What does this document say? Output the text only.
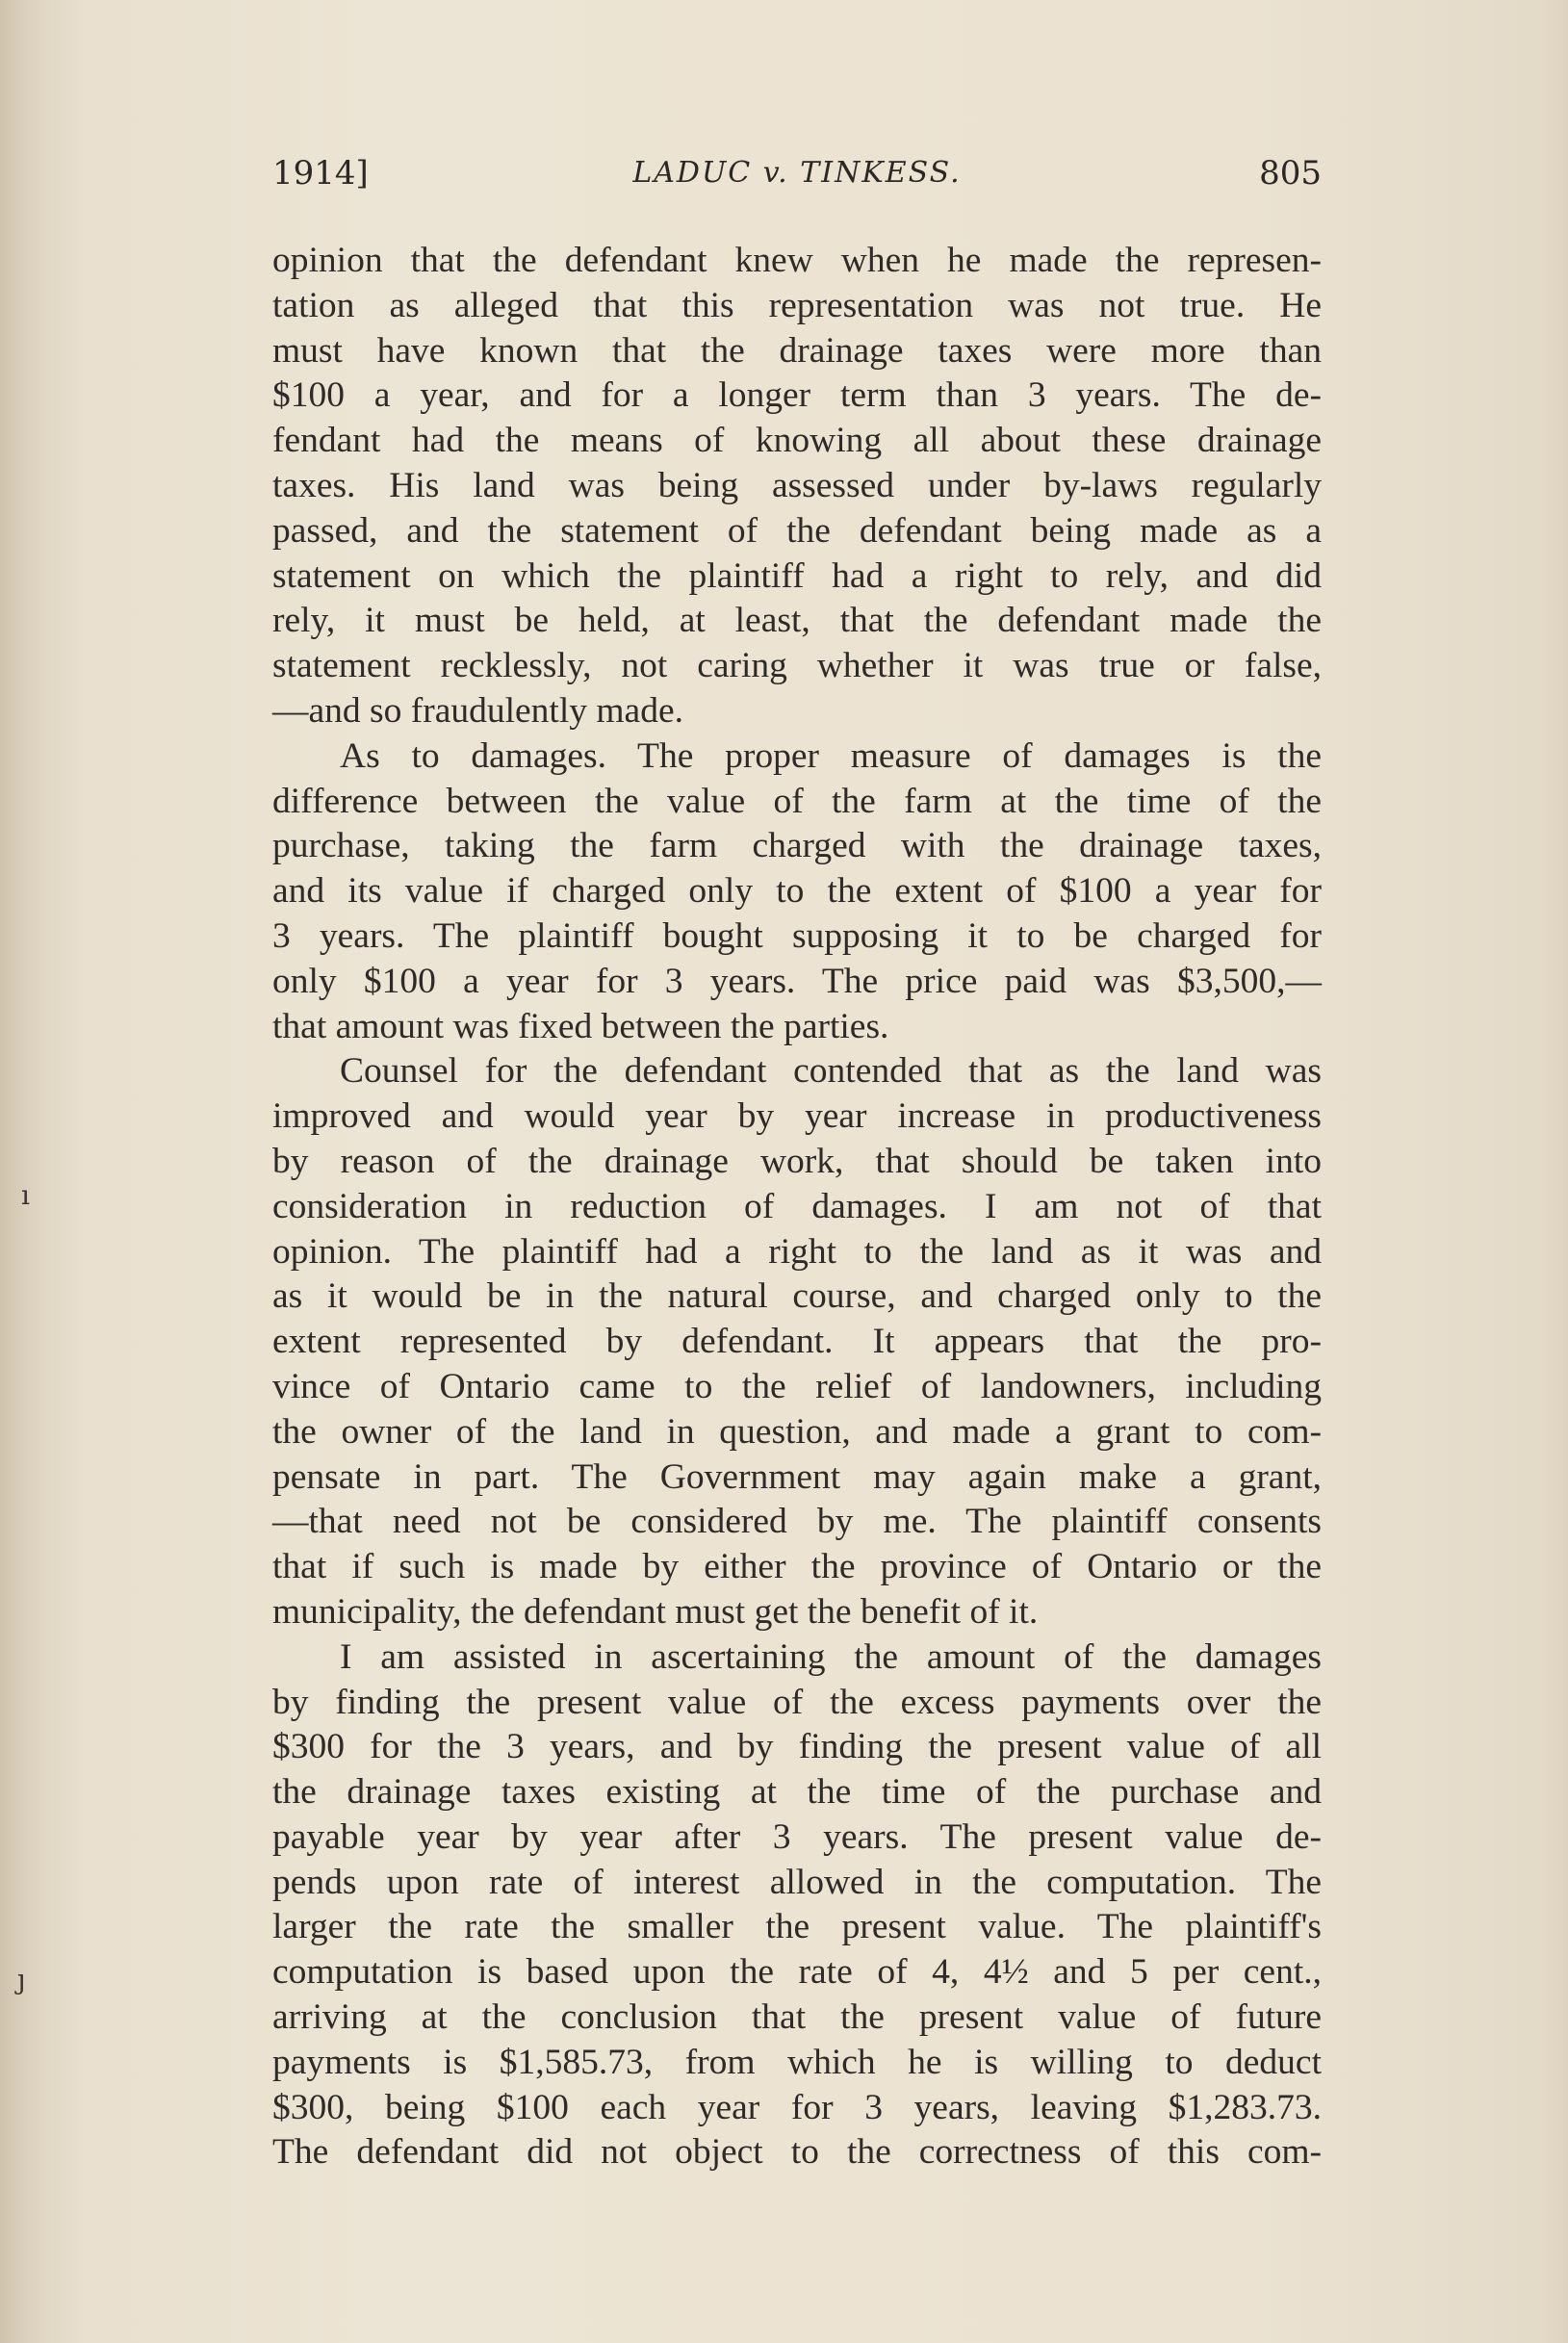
1914]	LADUC v. TINKESS.	805
opinion that the defendant knew when he made the represen-
tation as alleged that this representation was not true. He
must have known that the drainage taxes were more than
$100 a year, and for a longer term than 3 years. The de-
fendant had the means of knowing all about these drainage
taxes. His land was being assessed under by-laws regularly
passed, and the statement of the defendant being made as a
statement on which the plaintiff had a right to rely, and did
rely, it must be held, at least, that the defendant made the
statement recklessly, not caring whether it was true or false,
—and so fraudulently made.
As to damages. The proper measure of damages is the
difference between the value of the farm at the time of the
purchase, taking the farm charged with the drainage taxes,
and its value if charged only to the extent of $100 a year for
3 years. The plaintiff bought supposing it to be charged for
only $100 a year for 3 years. The price paid was $3,500,—
that amount was fixed between the parties.
Counsel for the defendant contended that as the land was
improved and would year by year increase in productiveness
by reason of the drainage work, that should be taken into
consideration in reduction of damages. I am not of that
opinion. The plaintiff had a right to the land as it was and
as it would be in the natural course, and charged only to the
extent represented by defendant. It appears that the pro-
vince of Ontario came to the relief of landowners, including
the owner of the land in question, and made a grant to com-
pensate in part. The Government may again make a grant,
—that need not be considered by me. The plaintiff consents
that if such is made by either the province of Ontario or the
municipality, the defendant must get the benefit of it.
I am assisted in ascertaining the amount of the damages
by finding the present value of the excess payments over the
$300 for the 3 years, and by finding the present value of all
the drainage taxes existing at the time of the purchase and
payable year by year after 3 years. The present value de-
pends upon rate of interest allowed in the computation. The
larger the rate the smaller the present value. The plaintiff's
computation is based upon the rate of 4, 4½ and 5 per cent.,
arriving at the conclusion that the present value of future
payments is $1,585.73, from which he is willing to deduct
$300, being $100 each year for 3 years, leaving $1,283.73.
The defendant did not object to the correctness of this com-
ı
ȷ
